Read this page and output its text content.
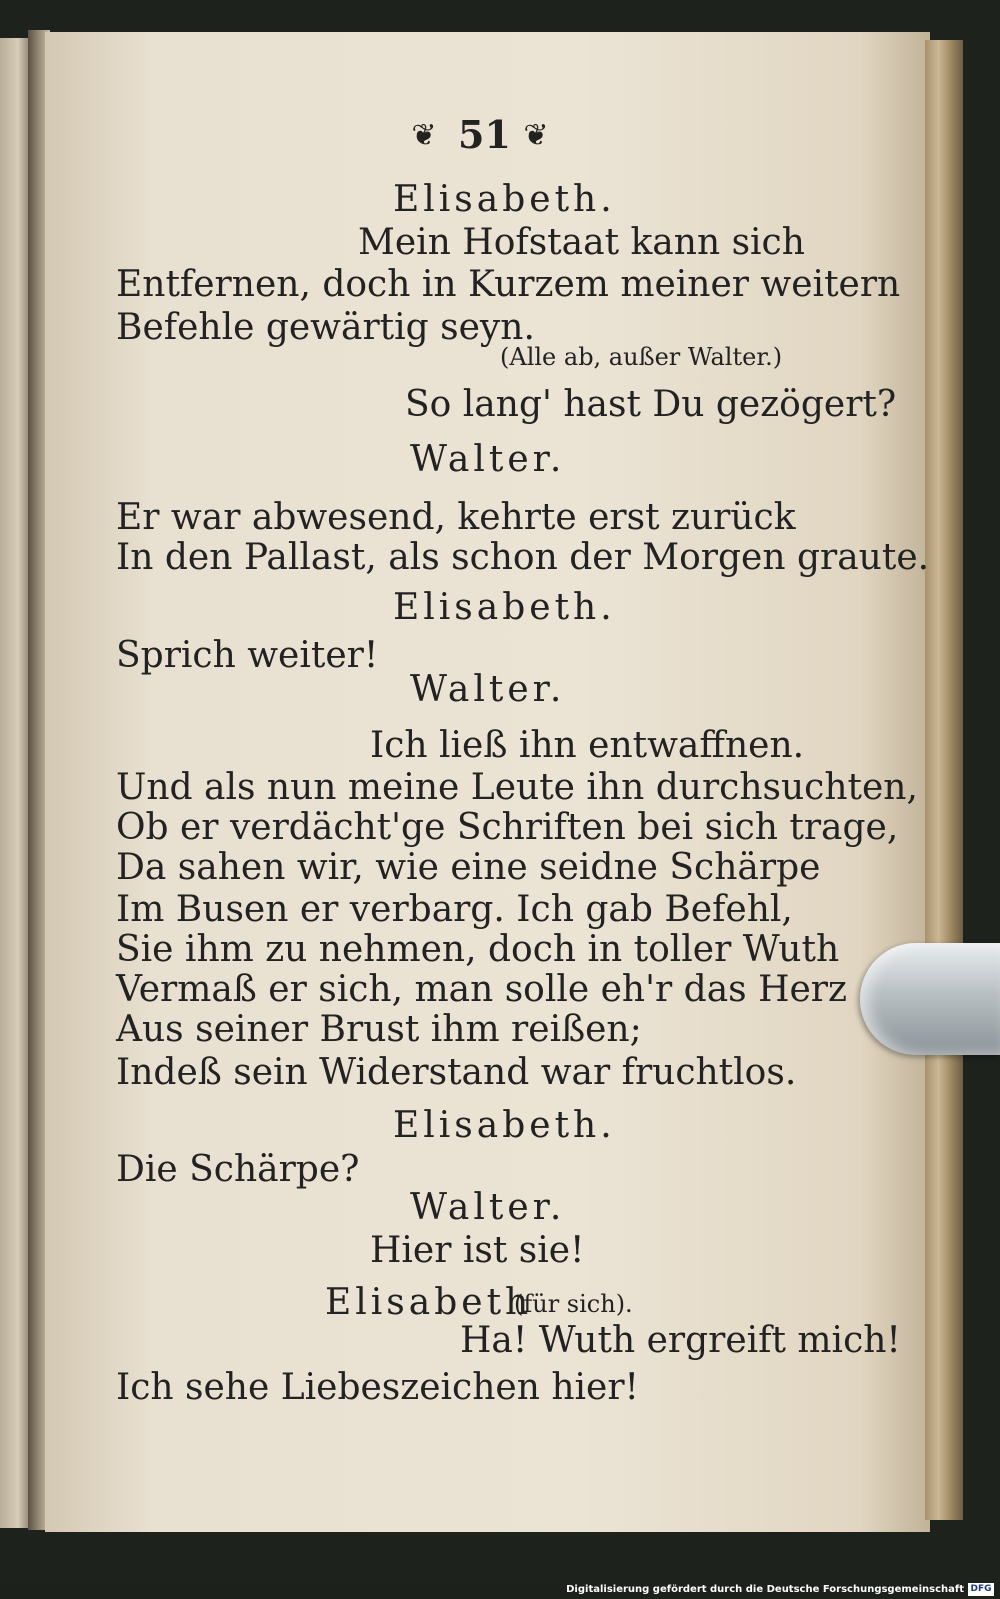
❦ 51 ❦
Elisabeth.
Mein Hofstaat kann sich
Entfernen, doch in Kurzem meiner weitern
Befehle gewärtig seyn.
(Alle ab, außer Walter.)
So lang' hast Du gezögert?
Walter.
Er war abwesend, kehrte erst zurück
In den Pallast, als schon der Morgen graute.
Elisabeth.
Sprich weiter!
Walter.
Ich ließ ihn entwaffnen.
Und als nun meine Leute ihn durchsuchten,
Ob er verdächt'ge Schriften bei sich trage,
Da sahen wir, wie eine seidne Schärpe
Im Busen er verbarg. Ich gab Befehl,
Sie ihm zu nehmen, doch in toller Wuth
Vermaß er sich, man solle eh'r das Herz
Aus seiner Brust ihm reißen;
Indeß sein Widerstand war fruchtlos.
Elisabeth.
Die Schärpe?
Walter.
Hier ist sie!
Elisabeth
(für sich).
Ha! Wuth ergreift mich!
Ich sehe Liebeszeichen hier!
Digitalisierung gefördert durch die Deutsche Forschungsgemeinschaft DFG
